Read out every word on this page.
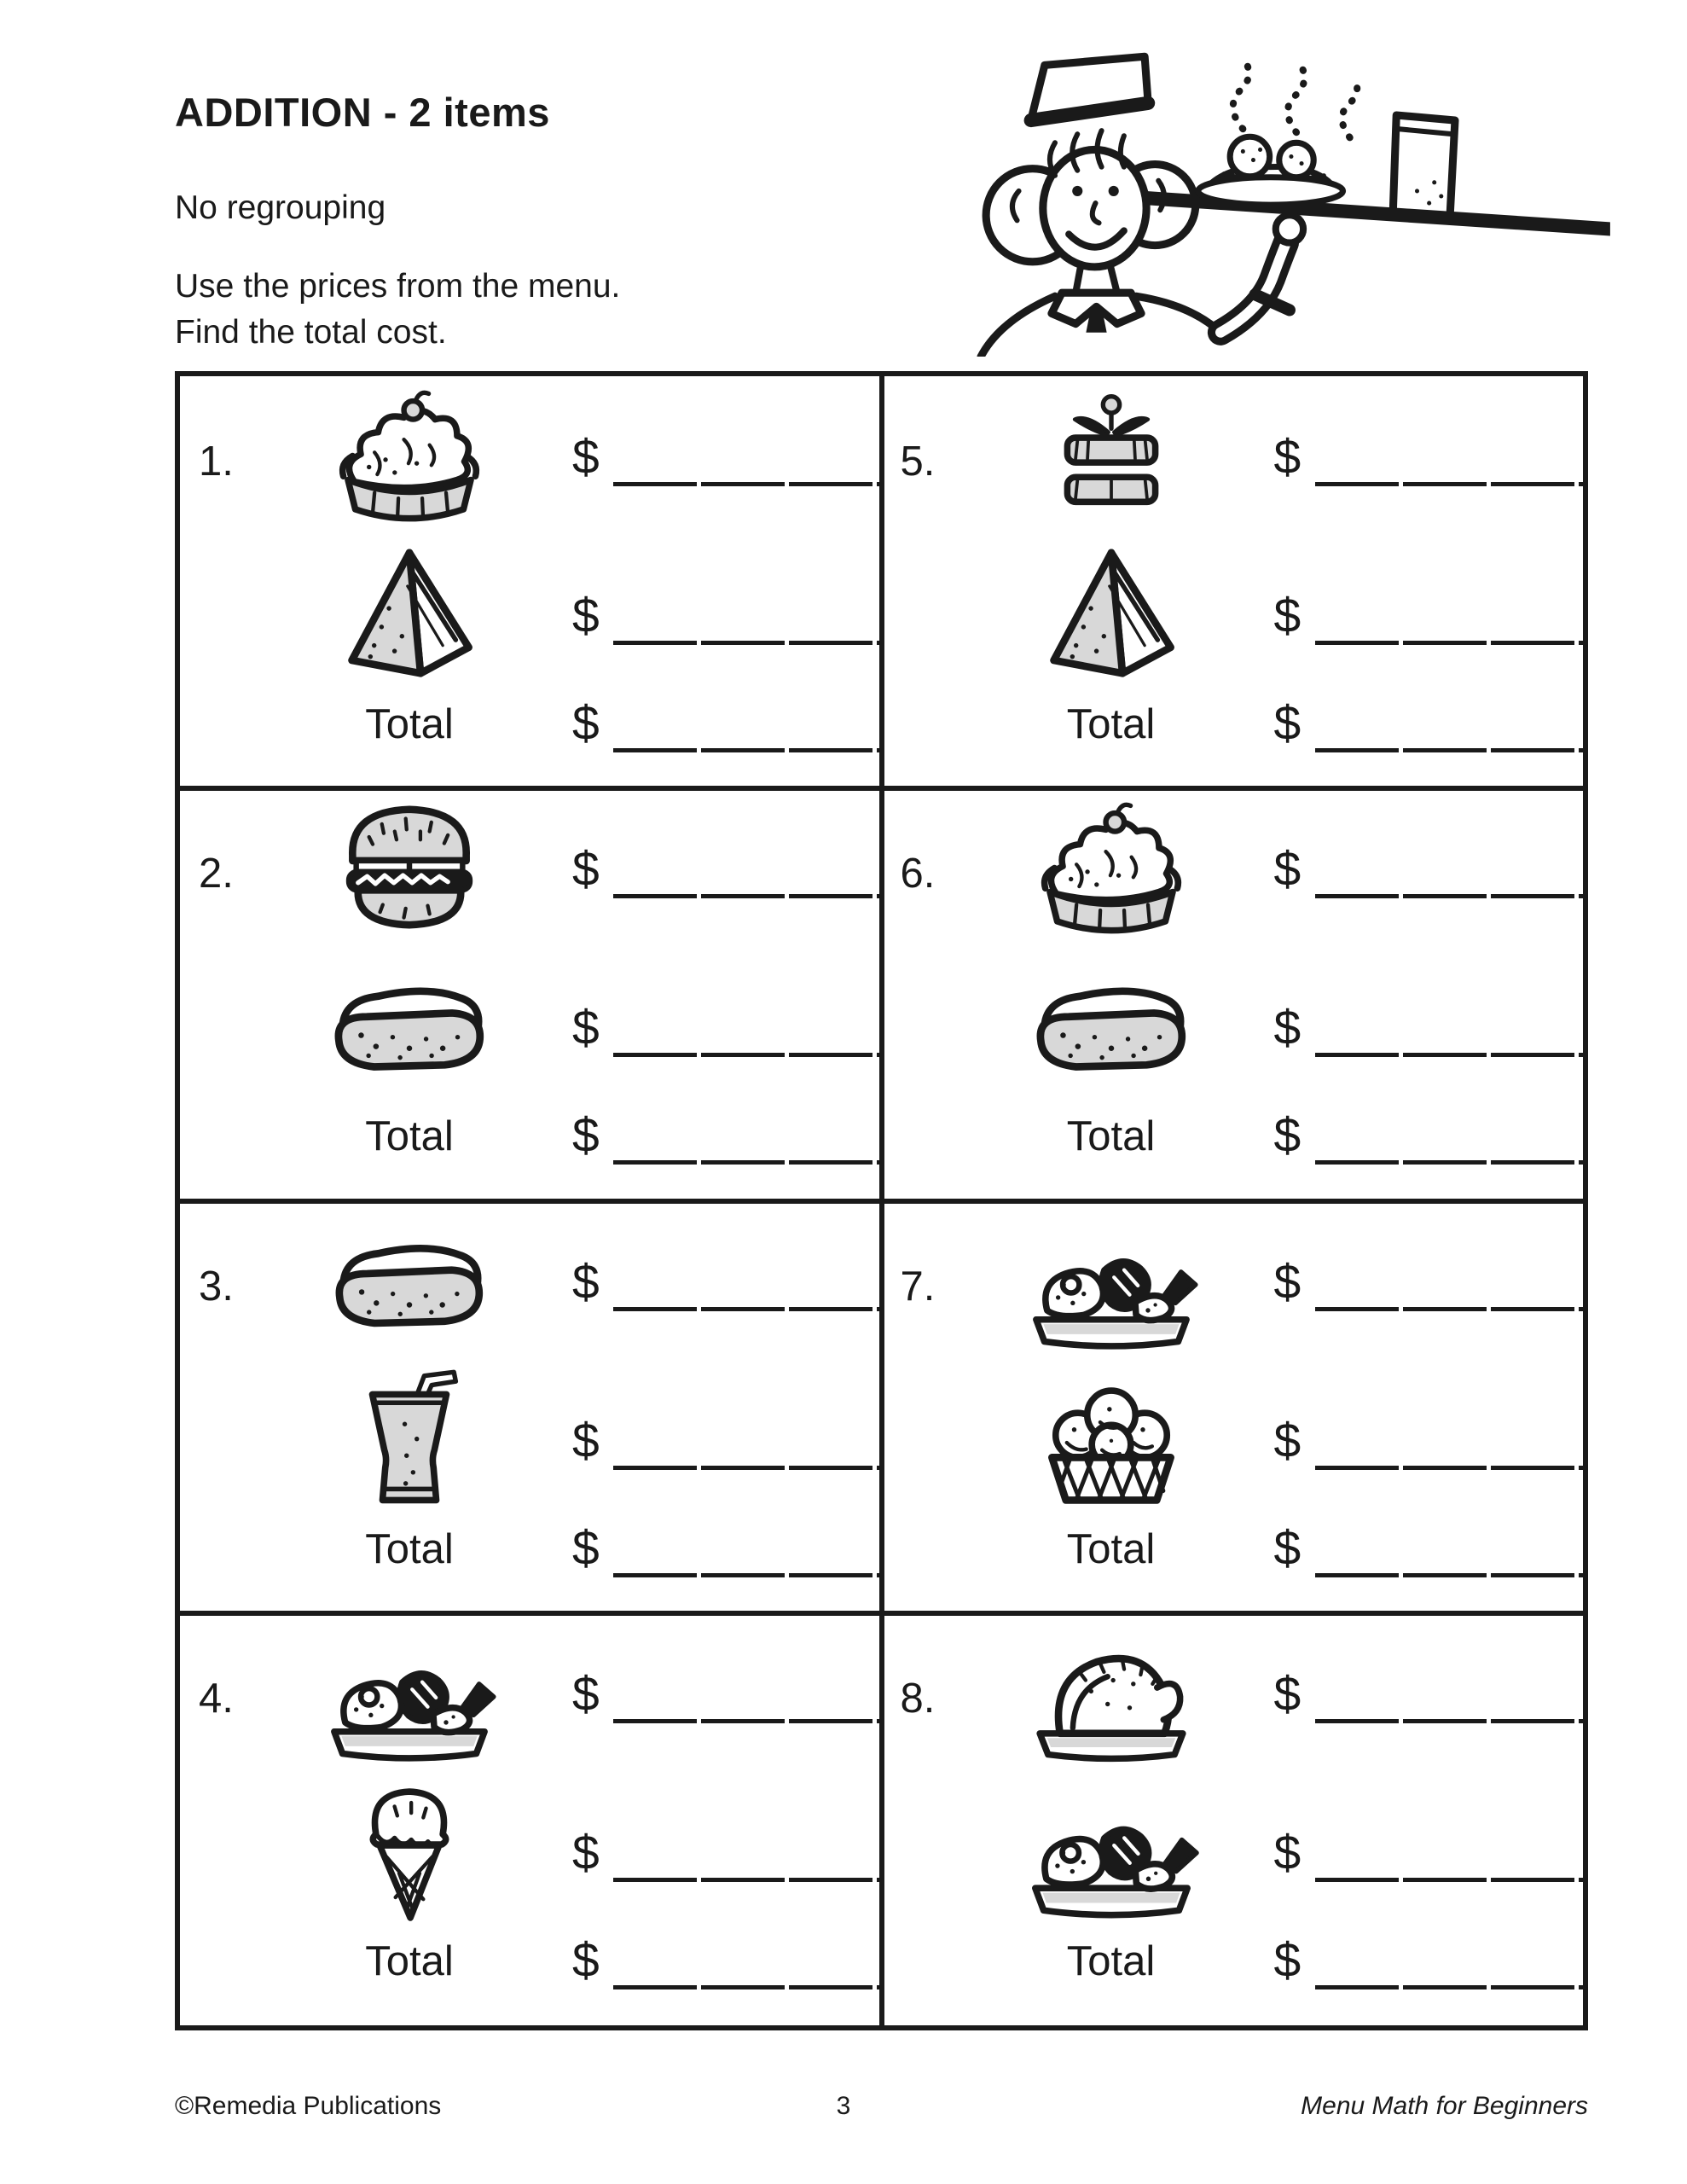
ADDITION - 2 items
No regrouping
Use the prices from the menu.
Find the total cost.
1.	$
$
Total	$
2.	$
$
Total	$
3.	$
$
Total	$
4.	$
$
Total	$
5.	$
$
Total	$
6.	$
$
Total	$
7.	$
$
Total	$
8.	$
$
Total	$
©Remedia Publications	3	Menu Math for Beginners
